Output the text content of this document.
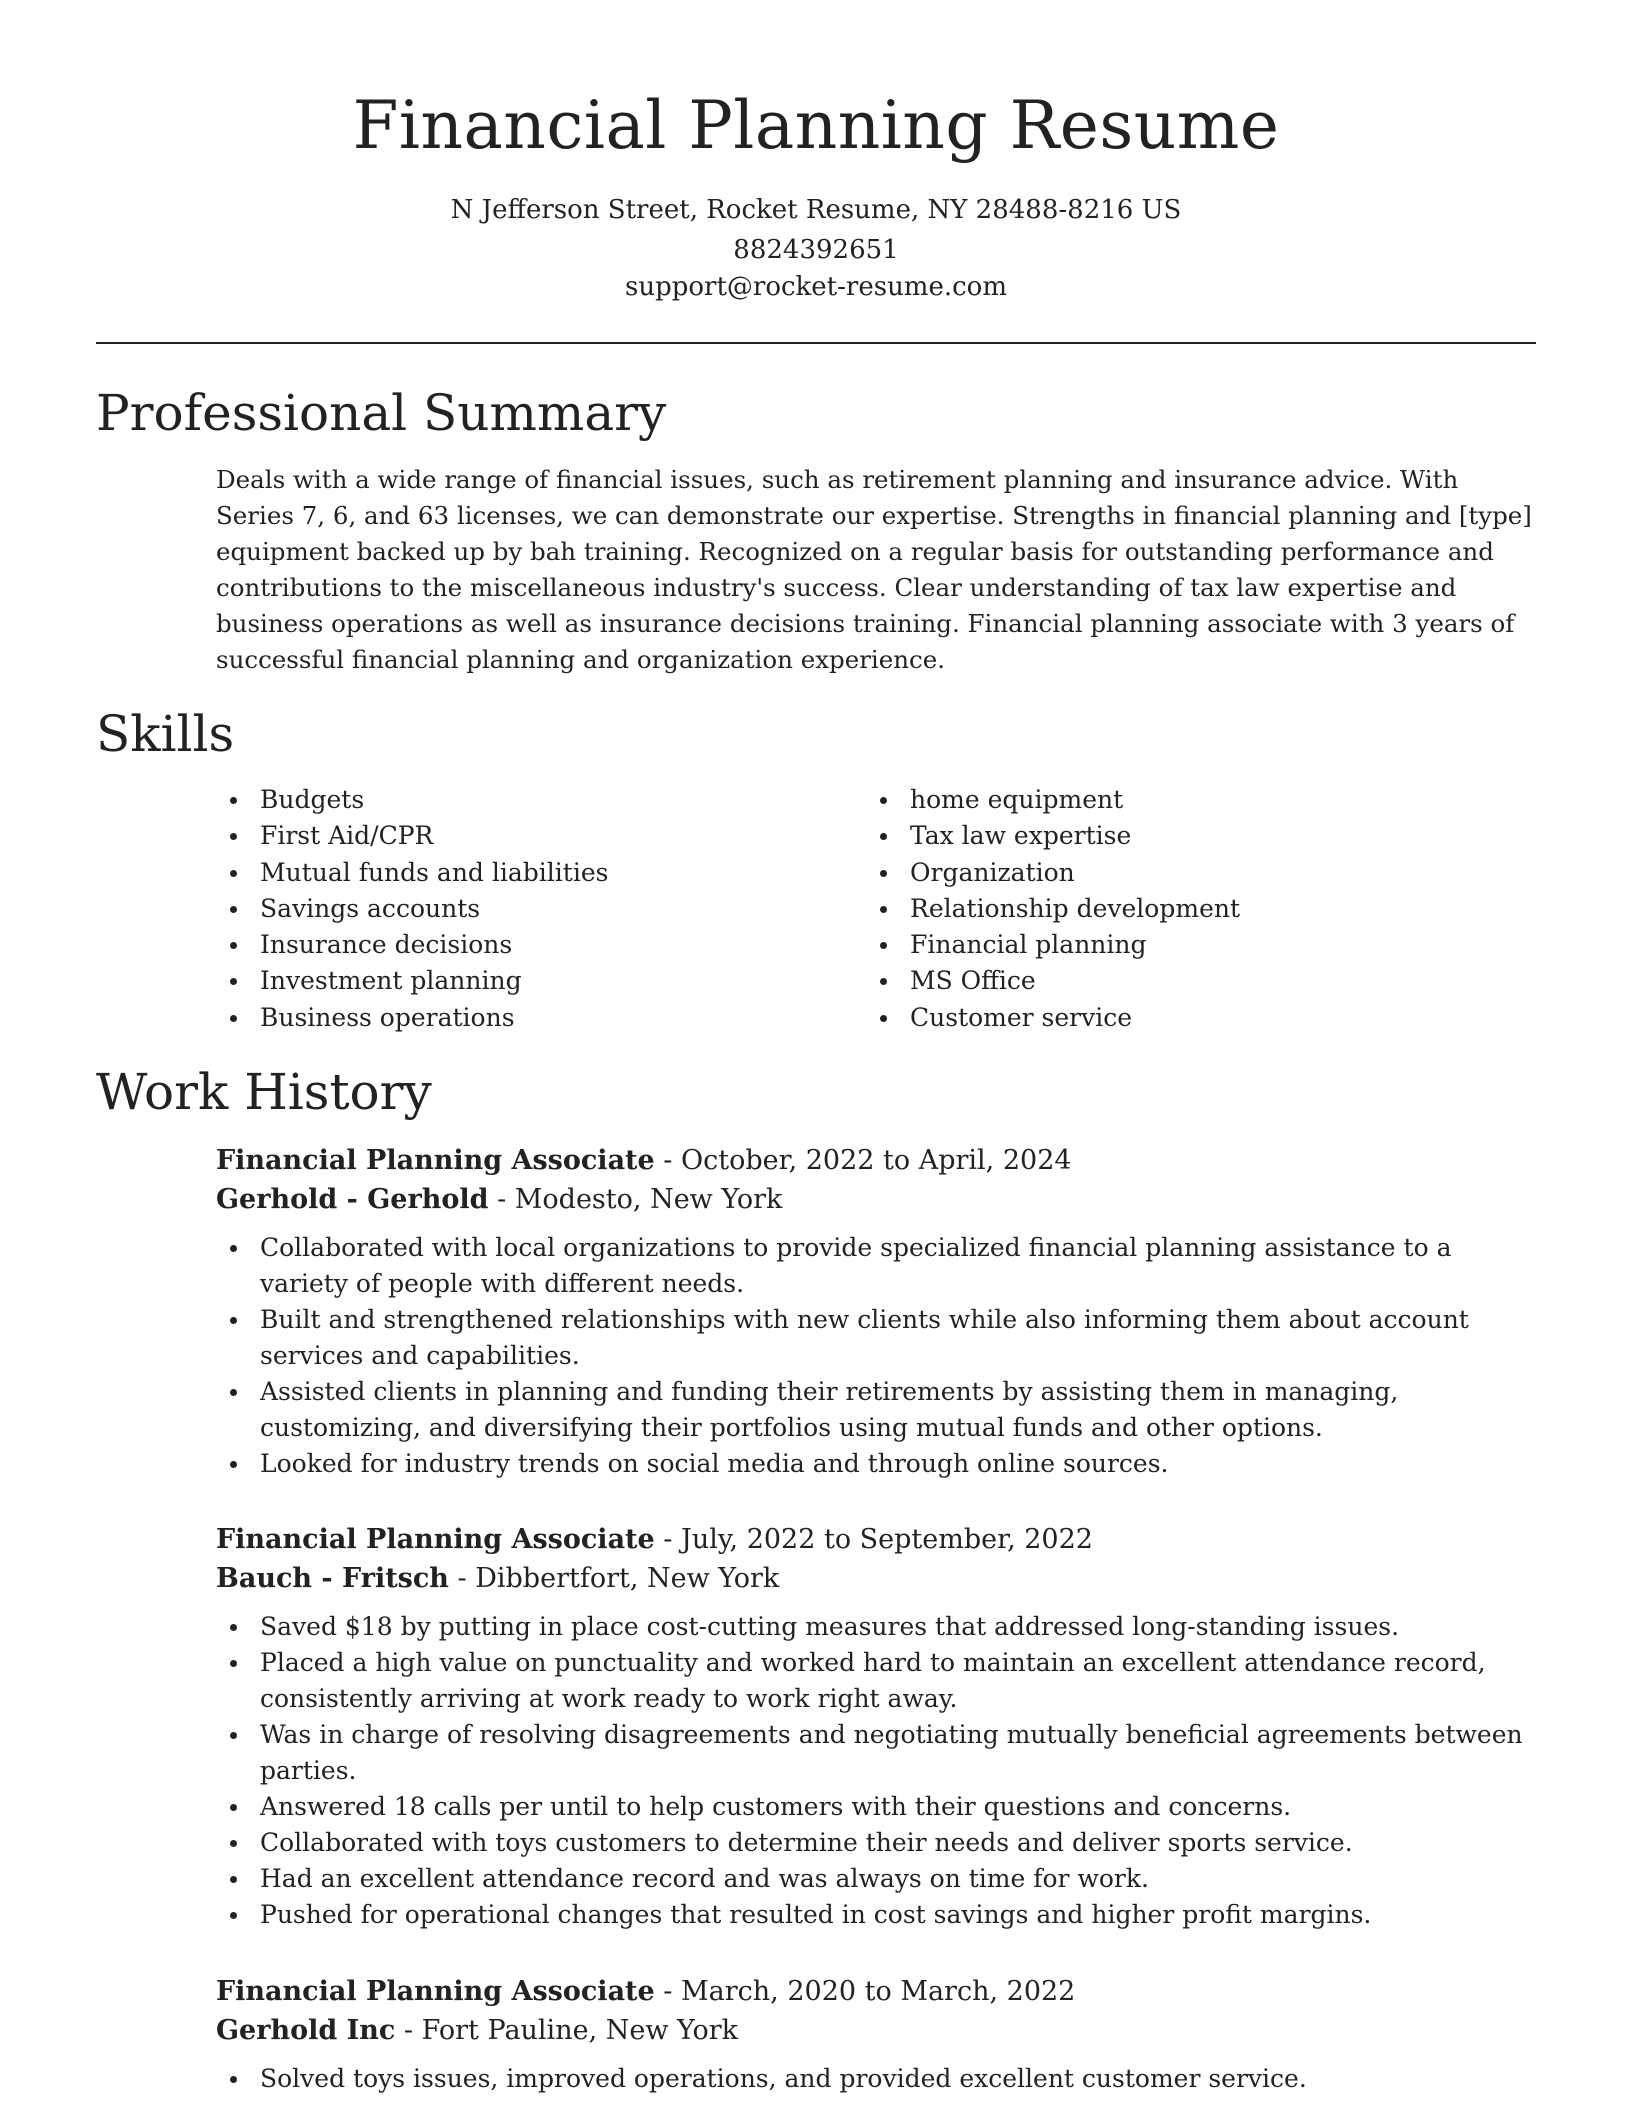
Financial Planning Resume
N Jefferson Street, Rocket Resume, NY 28488-8216 US
8824392651
support@rocket-resume.com
Professional Summary

Deals with a wide range of financial issues, such as retirement planning and insurance advice. With Series 7, 6, and 63 licenses, we can demonstrate our expertise. Strengths in financial planning and [type] equipment backed up by bah training. Recognized on a regular basis for outstanding performance and contributions to the miscellaneous industry's success. Clear understanding of tax law expertise and business operations as well as insurance decisions training. Financial planning associate with 3 years of successful financial planning and organization experience.

Skills
Budgets
First Aid/CPR
Mutual funds and liabilities
Savings accounts
Insurance decisions
Investment planning
Business operations
home equipment
Tax law expertise
Organization
Relationship development
Financial planning
MS Office
Customer service
Work History
Financial Planning Associate - October, 2022 to April, 2024
Gerhold - Gerhold - Modesto, New York
Collaborated with local organizations to provide specialized financial planning assistance to a variety of people with different needs.
Built and strengthened relationships with new clients while also informing them about account services and capabilities.
Assisted clients in planning and funding their retirements by assisting them in managing, customizing, and diversifying their portfolios using mutual funds and other options.
Looked for industry trends on social media and through online sources.
Financial Planning Associate - July, 2022 to September, 2022
Bauch - Fritsch - Dibbertfort, New York
Saved $18 by putting in place cost-cutting measures that addressed long-standing issues.
Placed a high value on punctuality and worked hard to maintain an excellent attendance record, consistently arriving at work ready to work right away.
Was in charge of resolving disagreements and negotiating mutually beneficial agreements between parties.
Answered 18 calls per until to help customers with their questions and concerns.
Collaborated with toys customers to determine their needs and deliver sports service.
Had an excellent attendance record and was always on time for work.
Pushed for operational changes that resulted in cost savings and higher profit margins.
Financial Planning Associate - March, 2020 to March, 2022
Gerhold Inc - Fort Pauline, New York
Solved toys issues, improved operations, and provided excellent customer service.
